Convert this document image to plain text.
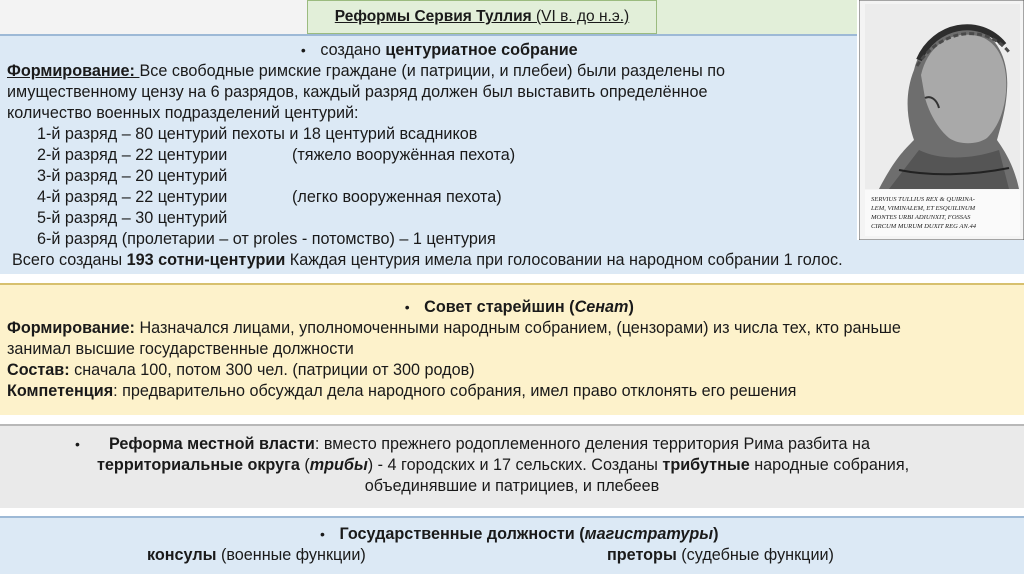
Реформы Сервия Туллия (VI в. до н.э.)
• создано центуриатное собрание
Формирование: Все свободные римские граждане (и патриции, и плебеи) были разделены по
имущественному цензу на 6 разрядов, каждый разряд должен был выставить определённое
количество военных подразделений центурий:
1-й разряд – 80 центурий пехоты и 18 центурий всадников
2-й разряд – 22 центурии	(тяжело вооружённая пехота)
3-й разряд – 20 центурий
4-й разряд – 22 центурии	(легко вооруженная пехота)
5-й разряд – 30 центурий
6-й разряд (пролетарии – от proles - потомство) – 1 центурия
Всего созданы 193 сотни-центурии Каждая центурия имела при голосовании на народном собрании 1 голос.
SERVIUS TULLIUS REX & QUIRINA-
LEM, VIMINALEM, ET ESQUILINUM
MONTES URBI ADIUNXIT, FOSSAS
CIRCUM MURUM DUXIT REG AN.44
• Совет старейшин (Сенат)
Формирование: Назначался лицами, уполномоченными народным собранием, (цензорами) из числа тех, кто раньше
занимал высшие государственные должности
Состав: сначала 100, потом 300 чел. (патриции от 300 родов)
Компетенция: предварительно обсуждал дела народного собрания, имел право отклонять его решения
• Реформа местной власти: вместо прежнего родоплеменного деления территория Рима разбита на
территориальные округа (трибы) - 4 городских и 17 сельских. Созданы трибутные народные собрания,
объединявшие и патрициев, и плебеев
• Государственные должности (магистратуры)
консулы (военные функции)	преторы (судебные функции)
